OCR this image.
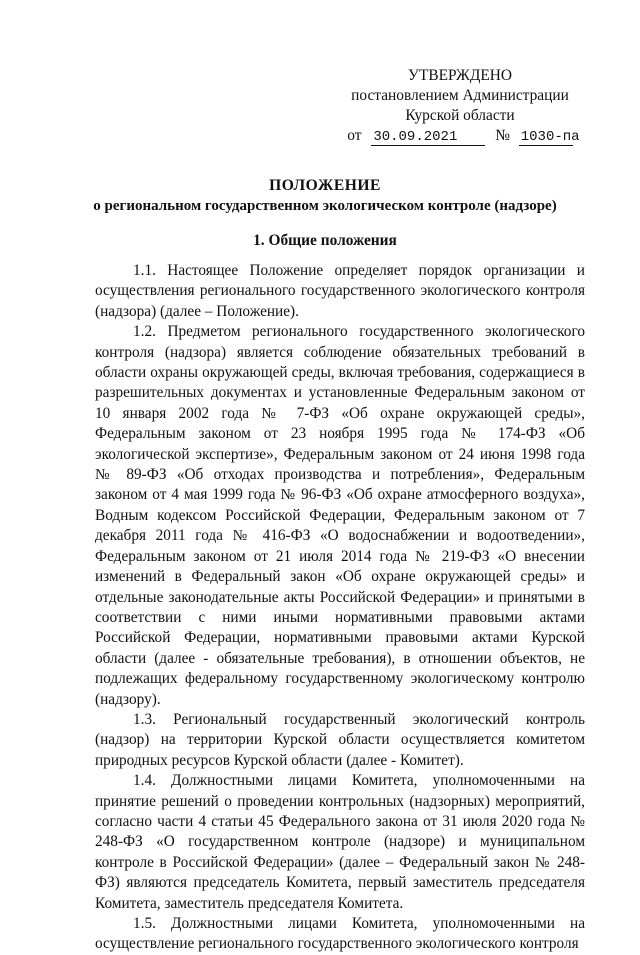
УТВЕРЖДЕНО
постановлением Администрации
Курской области
от 30.09.2021 № 1030-па
ПОЛОЖЕНИЕ
о региональном государственном экологическом контроле (надзоре)
1. Общие положения

1.1. Настоящее Положение определяет порядок организации и осуществления регионального государственного экологического контроля (надзора) (далее – Положение).

1.2. Предметом регионального государственного экологического контроля (надзора) является соблюдение обязательных требований в области охраны окружающей среды, включая требования, содержащиеся в разрешительных документах и установленные Федеральным законом от 10 января 2002 года № 7-ФЗ «Об охране окружающей среды», Федеральным законом от 23 ноября 1995 года № 174-ФЗ «Об экологической экспертизе», Федеральным законом от 24 июня 1998 года № 89-ФЗ «Об отходах производства и потребления», Федеральным законом от 4 мая 1999 года № 96-ФЗ «Об охране атмосферного воздуха», Водным кодексом Российской Федерации, Федеральным законом от 7 декабря 2011 года № 416-ФЗ «О водоснабжении и водоотведении», Федеральным законом от 21 июля 2014 года № 219-ФЗ «О внесении изменений в Федеральный закон «Об охране окружающей среды» и отдельные законодательные акты Российской Федерации» и принятыми в соответствии с ними иными нормативными правовыми актами Российской Федерации, нормативными правовыми актами Курской области (далее - обязательные требования), в отношении объектов, не подлежащих федеральному государственному экологическому контролю (надзору).

1.3. Региональный государственный экологический контроль (надзор) на территории Курской области осуществляется комитетом природных ресурсов Курской области (далее - Комитет).

1.4. Должностными лицами Комитета, уполномоченными на принятие решений о проведении контрольных (надзорных) мероприятий, согласно части 4 статьи 45 Федерального закона от 31 июля 2020 года № 248-ФЗ «О государственном контроле (надзоре) и муниципальном контроле в Российской Федерации» (далее – Федеральный закон № 248-ФЗ) являются председатель Комитета, первый заместитель председателя Комитета, заместитель председателя Комитета.

1.5. Должностными лицами Комитета, уполномоченными на осуществление регионального государственного экологического контроля
